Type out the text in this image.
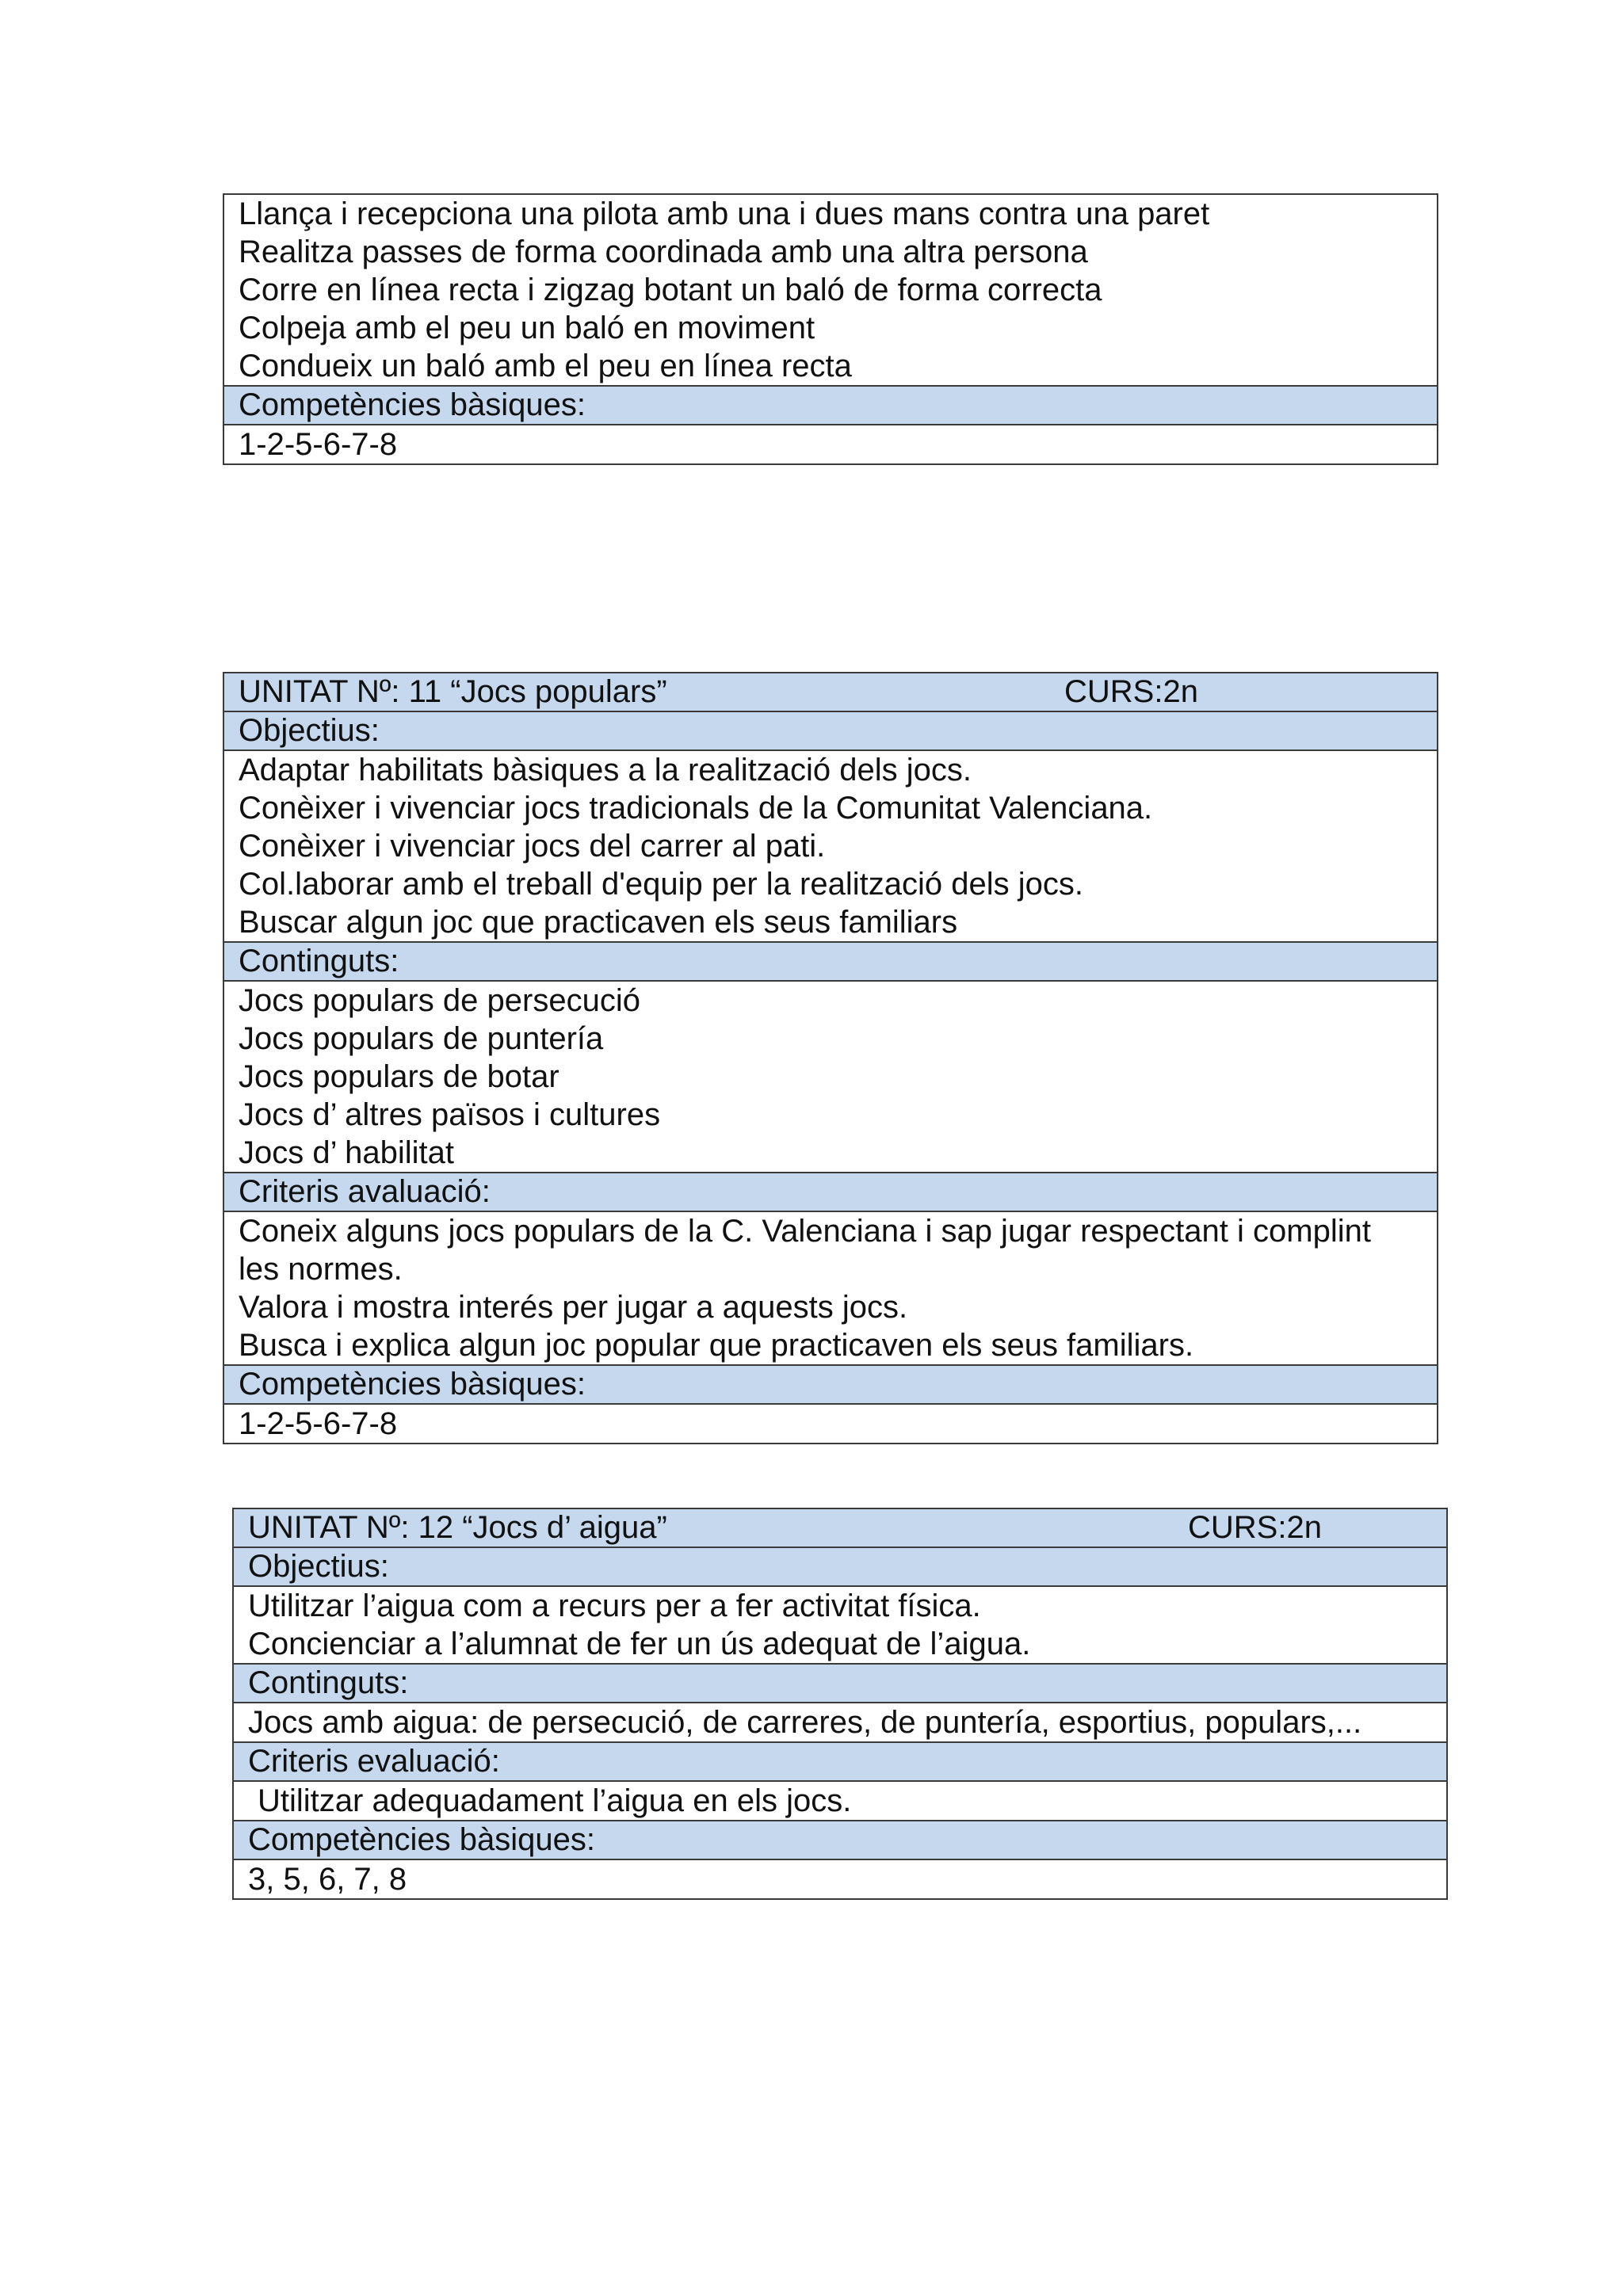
Llança i recepciona una pilota amb una i dues mans contra una paret
Realitza passes de forma coordinada amb una altra persona
Corre en línea recta i zigzag botant un baló de forma correcta
Colpeja amb el peu un baló en moviment
Condueix un baló amb el peu en línea recta
Competències bàsiques:
1-2-5-6-7-8
UNITAT Nº: 11 “Jocs populars”	CURS:2n
Objectius:
Adaptar habilitats bàsiques a la realització dels jocs.
Conèixer i vivenciar jocs tradicionals de la Comunitat Valenciana.
Conèixer i vivenciar jocs del carrer al pati.
Col.laborar amb el treball d'equip per la realització dels jocs.
Buscar algun joc que practicaven els seus familiars
Continguts:
Jocs populars de persecució
Jocs populars de puntería
Jocs populars de botar
Jocs d’ altres països i cultures
Jocs d’ habilitat
Criteris avaluació:
Coneix alguns jocs populars de la C. Valenciana i sap jugar respectant i complint
les normes.
Valora i mostra interés per jugar a aquests jocs.
Busca i explica algun joc popular que practicaven els seus familiars.
Competències bàsiques:
1-2-5-6-7-8
UNITAT Nº: 12 “Jocs d’ aigua”	CURS:2n
Objectius:
Utilitzar l’aigua com a recurs per a fer activitat física.
Concienciar a l’alumnat de fer un ús adequat de l’aigua.
Continguts:
Jocs amb aigua: de persecució, de carreres, de puntería, esportius, populars,...
Criteris evaluació:
Utilitzar adequadament l’aigua en els jocs.
Competències bàsiques:
3, 5, 6, 7, 8
